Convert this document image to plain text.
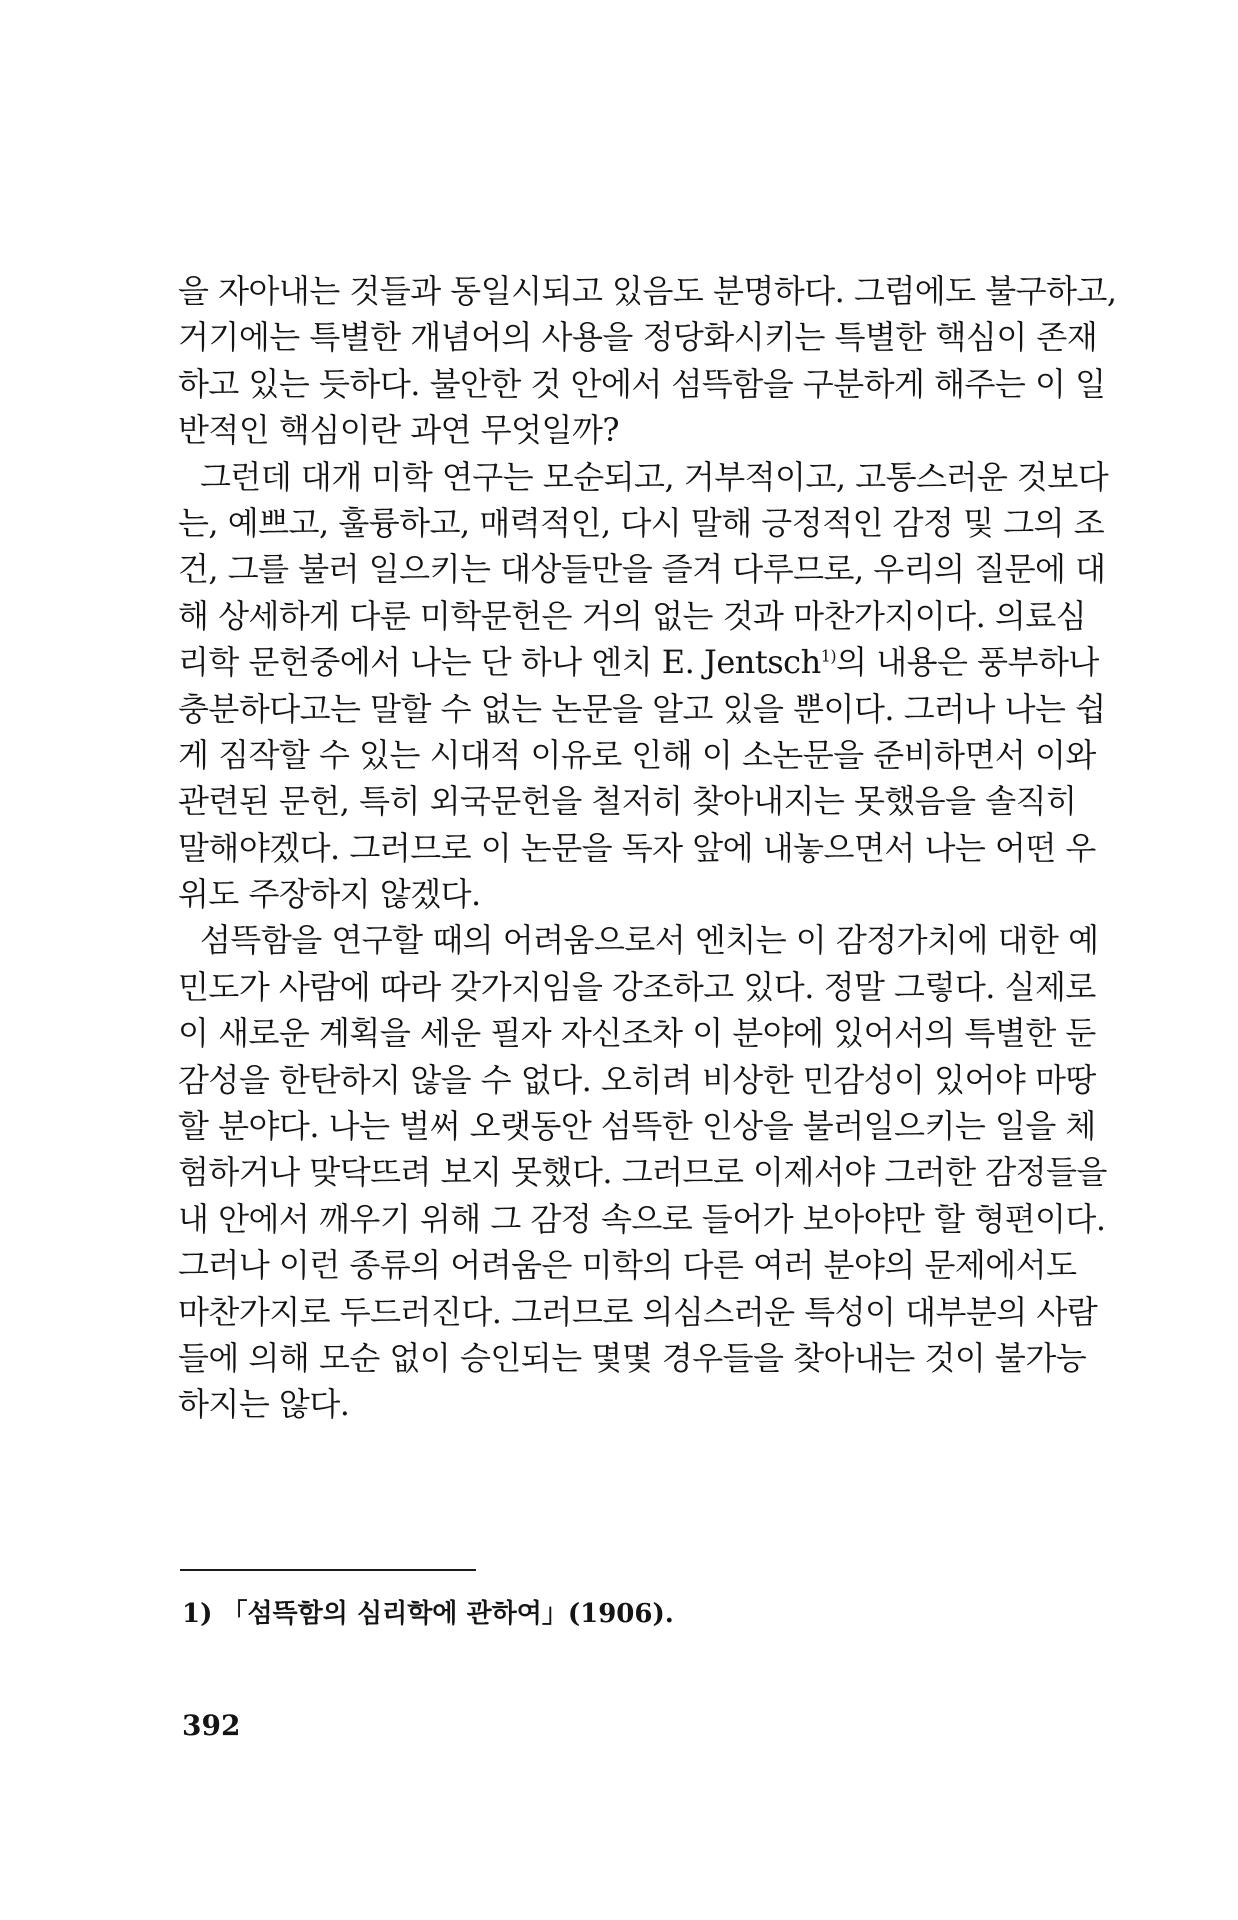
을 자아내는 것들과 동일시되고 있음도 분명하다. 그럼에도 불구하고,
거기에는 특별한 개념어의 사용을 정당화시키는 특별한 핵심이 존재
하고 있는 듯하다. 불안한 것 안에서 섬뜩함을 구분하게 해주는 이 일
반적인 핵심이란 과연 무엇일까?
그런데 대개 미학 연구는 모순되고, 거부적이고, 고통스러운 것보다
는, 예쁘고, 훌륭하고, 매력적인, 다시 말해 긍정적인 감정 및 그의 조
건, 그를 불러 일으키는 대상들만을 즐겨 다루므로, 우리의 질문에 대
해 상세하게 다룬 미학문헌은 거의 없는 것과 마찬가지이다. 의료심
리학 문헌중에서 나는 단 하나 엔치 E. Jentsch$^{1)}$의 내용은 풍부하나
충분하다고는 말할 수 없는 논문을 알고 있을 뿐이다. 그러나 나는 쉽
게 짐작할 수 있는 시대적 이유로 인해 이 소논문을 준비하면서 이와
관련된 문헌, 특히 외국문헌을 철저히 찾아내지는 못했음을 솔직히
말해야겠다. 그러므로 이 논문을 독자 앞에 내놓으면서 나는 어떤 우
위도 주장하지 않겠다.
섬뜩함을 연구할 때의 어려움으로서 엔치는 이 감정가치에 대한 예
민도가 사람에 따라 갖가지임을 강조하고 있다. 정말 그렇다. 실제로
이 새로운 계획을 세운 필자 자신조차 이 분야에 있어서의 특별한 둔
감성을 한탄하지 않을 수 없다. 오히려 비상한 민감성이 있어야 마땅
할 분야다. 나는 벌써 오랫동안 섬뜩한 인상을 불러일으키는 일을 체
험하거나 맞닥뜨려 보지 못했다. 그러므로 이제서야 그러한 감정들을
내 안에서 깨우기 위해 그 감정 속으로 들어가 보아야만 할 형편이다.
그러나 이런 종류의 어려움은 미학의 다른 여러 분야의 문제에서도
마찬가지로 두드러진다. 그러므로 의심스러운 특성이 대부분의 사람
들에 의해 모순 없이 승인되는 몇몇 경우들을 찾아내는 것이 불가능
하지는 않다.
1) 「섬뜩함의 심리학에 관하여」(1906).
392
